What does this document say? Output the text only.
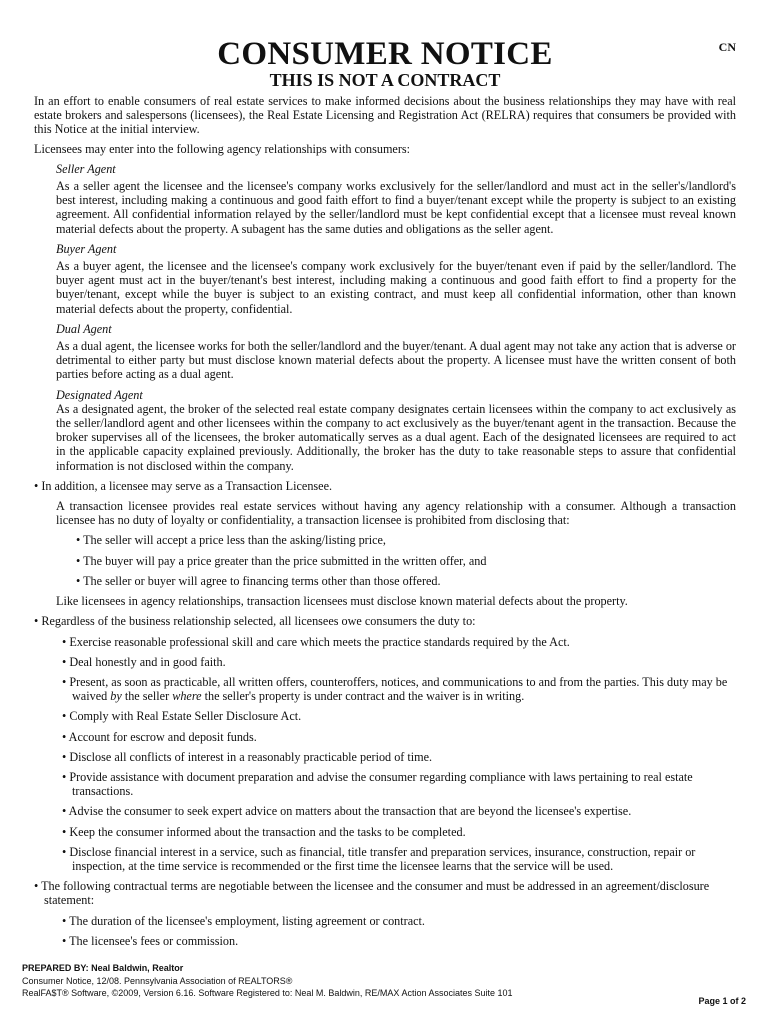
CN
CONSUMER NOTICE
THIS IS NOT A CONTRACT

In an effort to enable consumers of real estate services to make informed decisions about the business relationships they may have with real estate brokers and salespersons (licensees), the Real Estate Licensing and Registration Act (RELRA) requires that consumers be provided with this Notice at the initial interview.

Licensees may enter into the following agency relationships with consumers:

Seller Agent

As a seller agent the licensee and the licensee's company works exclusively for the seller/landlord and must act in the seller's/landlord's best interest, including making a continuous and good faith effort to find a buyer/tenant except while the property is subject to an existing agreement. All confidential information relayed by the seller/landlord must be kept confidential except that a licensee must reveal known material defects about the property. A subagent has the same duties and obligations as the seller agent.

Buyer Agent

As a buyer agent, the licensee and the licensee's company work exclusively for the buyer/tenant even if paid by the seller/landlord. The buyer agent must act in the buyer/tenant's best interest, including making a continuous and good faith effort to find a property for the buyer/tenant, except while the buyer is subject to an existing contract, and must keep all confidential information, other than known material defects about the property, confidential.

Dual Agent

As a dual agent, the licensee works for both the seller/landlord and the buyer/tenant. A dual agent may not take any action that is adverse or detrimental to either party but must disclose known material defects about the property. A licensee must have the written consent of both parties before acting as a dual agent.

Designated Agent

As a designated agent, the broker of the selected real estate company designates certain licensees within the company to act exclusively as the seller/landlord agent and other licensees within the company to act exclusively as the buyer/tenant agent in the transaction. Because the broker supervises all of the licensees, the broker automatically serves as a dual agent. Each of the designated licensees are required to act in the applicable capacity explained previously. Additionally, the broker has the duty to take reasonable steps to assure that confidential information is not disclosed within the company.

• In addition, a licensee may serve as a Transaction Licensee.

A transaction licensee provides real estate services without having any agency relationship with a consumer. Although a transaction licensee has no duty of loyalty or confidentiality, a transaction licensee is prohibited from disclosing that:

• The seller will accept a price less than the asking/listing price,

• The buyer will pay a price greater than the price submitted in the written offer, and

• The seller or buyer will agree to financing terms other than those offered.

Like licensees in agency relationships, transaction licensees must disclose known material defects about the property.

• Regardless of the business relationship selected, all licensees owe consumers the duty to:

• Exercise reasonable professional skill and care which meets the practice standards required by the Act.

• Deal honestly and in good faith.

• Present, as soon as practicable, all written offers, counteroffers, notices, and communications to and from the parties. This duty may be waived by the seller where the seller's property is under contract and the waiver is in writing.

• Comply with Real Estate Seller Disclosure Act.

• Account for escrow and deposit funds.

• Disclose all conflicts of interest in a reasonably practicable period of time.

• Provide assistance with document preparation and advise the consumer regarding compliance with laws pertaining to real estate transactions.

• Advise the consumer to seek expert advice on matters about the transaction that are beyond the licensee's expertise.

• Keep the consumer informed about the transaction and the tasks to be completed.

• Disclose financial interest in a service, such as financial, title transfer and preparation services, insurance, construction, repair or inspection, at the time service is recommended or the first time the licensee learns that the service will be used.

• The following contractual terms are negotiable between the licensee and the consumer and must be addressed in an agreement/disclosure statement:

• The duration of the licensee's employment, listing agreement or contract.

• The licensee's fees or commission.

PREPARED BY: Neal Baldwin, Realtor
Consumer Notice, 12/08. Pennsylvania Association of REALTORS®
RealFA$T® Software, ©2009, Version 6.16. Software Registered to: Neal M. Baldwin, RE/MAX Action Associates Suite 101
Page 1 of 2
